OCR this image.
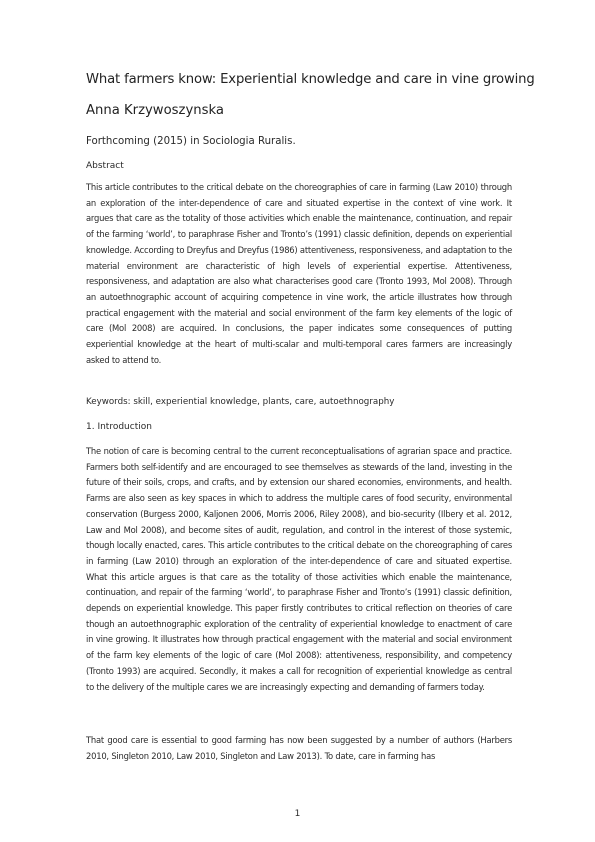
What farmers know: Experiential knowledge and care in vine growing
Anna Krzywoszynska
Forthcoming (2015) in Sociologia Ruralis.
Abstract
This article contributes to the critical debate on the choreographies of care in farming (Law 2010) through an exploration of the inter-dependence of care and situated expertise in the context of vine work. It argues that care as the totality of those activities which enable the maintenance, continuation, and repair of the farming ‘world’, to paraphrase Fisher and Tronto’s (1991) classic definition, depends on experiential knowledge. According to Dreyfus and Dreyfus (1986) attentiveness, responsiveness, and adaptation to the material environment are characteristic of high levels of experiential expertise. Attentiveness, responsiveness, and adaptation are also what characterises good care (Tronto 1993, Mol 2008). Through an autoethnographic account of acquiring competence in vine work, the article illustrates how through practical engagement with the material and social environment of the farm key elements of the logic of care (Mol 2008) are acquired. In conclusions, the paper indicates some consequences of putting experiential knowledge at the heart of multi-scalar and multi-temporal cares farmers are increasingly asked to attend to.
Keywords: skill, experiential knowledge, plants, care, autoethnography
1. Introduction
The notion of care is becoming central to the current reconceptualisations of agrarian space and practice. Farmers both self-identify and are encouraged to see themselves as stewards of the land, investing in the future of their soils, crops, and crafts, and by extension our shared economies, environments, and health. Farms are also seen as key spaces in which to address the multiple cares of food security, environmental conservation (Burgess 2000, Kaljonen 2006, Morris 2006, Riley 2008), and bio-security (Ilbery et al. 2012, Law and Mol 2008), and become sites of audit, regulation, and control in the interest of those systemic, though locally enacted, cares. This article contributes to the critical debate on the choreographing of cares in farming (Law 2010) through an exploration of the inter-dependence of care and situated expertise. What this article argues is that care as the totality of those activities which enable the maintenance, continuation, and repair of the farming ‘world’, to paraphrase Fisher and Tronto’s (1991) classic definition, depends on experiential knowledge. This paper firstly contributes to critical reflection on theories of care though an autoethnographic exploration of the centrality of experiential knowledge to enactment of care in vine growing. It illustrates how through practical engagement with the material and social environment of the farm key elements of the logic of care (Mol 2008): attentiveness, responsibility, and competency (Tronto 1993) are acquired. Secondly, it makes a call for recognition of experiential knowledge as central to the delivery of the multiple cares we are increasingly expecting and demanding of farmers today.
That good care is essential to good farming has now been suggested by a number of authors (Harbers 2010, Singleton 2010, Law 2010, Singleton and Law 2013). To date, care in farming has
1
